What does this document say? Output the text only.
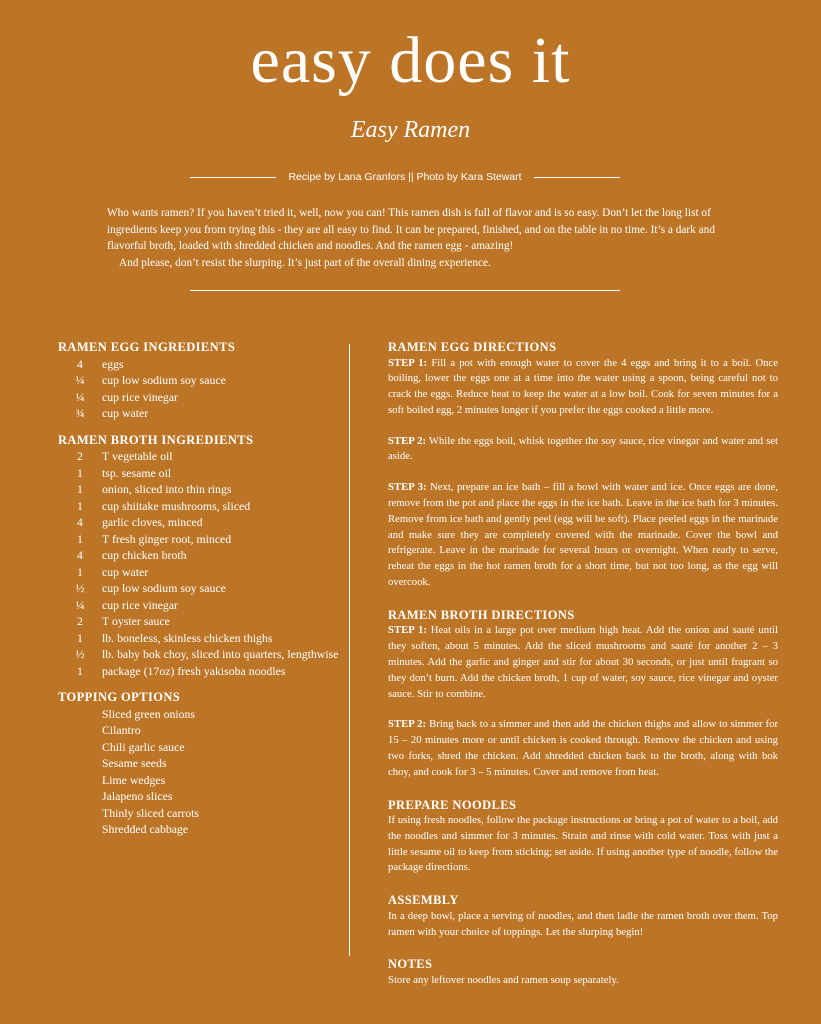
easy does it
Easy Ramen
Recipe by Lana Granfors || Photo by Kara Stewart

Who wants ramen? If you haven’t tried it, well, now you can! This ramen dish is full of flavor and is so easy. Don’t let the long list of ingredients keep you from trying this - they are all easy to find. It can be prepared, finished, and on the table in no time. It’s a dark and flavorful broth, loaded with shredded chicken and noodles. And the ramen egg - amazing!

And please, don’t resist the slurping. It’s just part of the overall dining experience.

RAMEN EGG INGREDIENTS
4	eggs
¼	cup low sodium soy sauce
¼	cup rice vinegar
¾	cup water
RAMEN BROTH INGREDIENTS
2	T vegetable oil
1	tsp. sesame oil
1	onion, sliced into thin rings
1	cup shiitake mushrooms, sliced
4	garlic cloves, minced
1	T fresh ginger root, minced
4	cup chicken broth
1	cup water
½	cup low sodium soy sauce
¼	cup rice vinegar
2	T oyster sauce
1	lb. boneless, skinless chicken thighs
½	lb. baby bok choy, sliced into quarters, lengthwise
1	package (17oz) fresh yakisoba noodles
TOPPING OPTIONS
Sliced green onions
Cilantro
Chili garlic sauce
Sesame seeds
Lime wedges
Jalapeno slices
Thinly sliced carrots
Shredded cabbage
RAMEN EGG DIRECTIONS

STEP 1: Fill a pot with enough water to cover the 4 eggs and bring it to a boil. Once boiling, lower the eggs one at a time into the water using a spoon, being careful not to crack the eggs. Reduce heat to keep the water at a low boil. Cook for seven minutes for a soft boiled egg, 2 minutes longer if you prefer the eggs cooked a little more.

STEP 2: While the eggs boil, whisk together the soy sauce, rice vinegar and water and set aside.

STEP 3: Next, prepare an ice bath – fill a bowl with water and ice. Once eggs are done, remove from the pot and place the eggs in the ice bath. Leave in the ice bath for 3 minutes. Remove from ice bath and gently peel (egg will be soft). Place peeled eggs in the marinade and make sure they are completely covered with the marinade. Cover the bowl and refrigerate. Leave in the marinade for several hours or overnight. When ready to serve, reheat the eggs in the hot ramen broth for a short time, but not too long, as the egg will overcook.

RAMEN BROTH DIRECTIONS

STEP 1: Heat oils in a large pot over medium high heat. Add the onion and sauté until they soften, about 5 minutes. Add the sliced mushrooms and sauté for another 2 – 3 minutes. Add the garlic and ginger and stir for about 30 seconds, or just until fragrant so they don’t burn. Add the chicken broth, 1 cup of water, soy sauce, rice vinegar and oyster sauce. Stir to combine.

STEP 2: Bring back to a simmer and then add the chicken thighs and allow to simmer for 15 – 20 minutes more or until chicken is cooked through. Remove the chicken and using two forks, shred the chicken. Add shredded chicken back to the broth, along with bok choy, and cook for 3 – 5 minutes. Cover and remove from heat.

PREPARE NOODLES

If using fresh noodles, follow the package instructions or bring a pot of water to a boil, add the noodles and simmer for 3 minutes. Strain and rinse with cold water. Toss with just a little sesame oil to keep from sticking; set aside. If using another type of noodle, follow the package directions.

ASSEMBLY

In a deep bowl, place a serving of noodles, and then ladle the ramen broth over them. Top ramen with your choice of toppings. Let the slurping begin!

NOTES

Store any leftover noodles and ramen soup separately.
